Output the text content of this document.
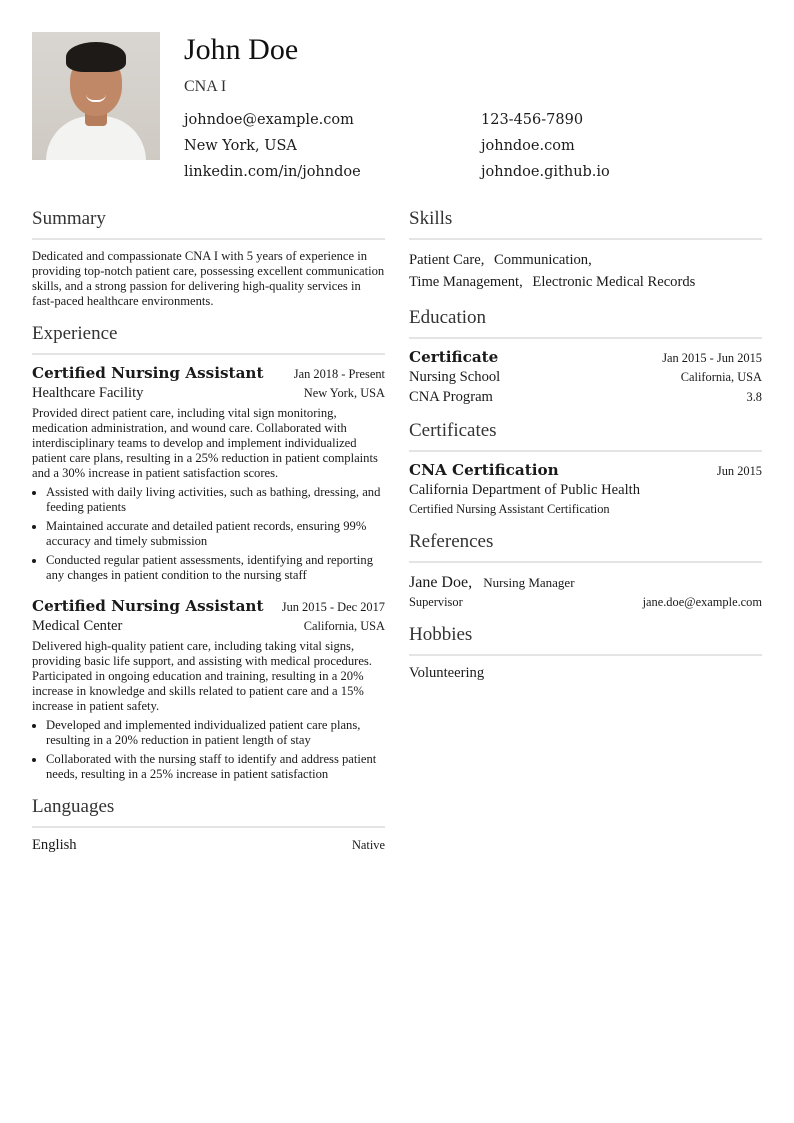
John Doe
CNA I
johndoe@example.com	123-456-7890
New York, USA	johndoe.com
linkedin.com/in/johndoe	johndoe.github.io
Summary
Dedicated and compassionate CNA I with 5 years of experience in providing top-notch patient care, possessing excellent communication skills, and a strong passion for delivering high-quality services in fast-paced healthcare environments.
Experience
Certified Nursing Assistant Jan 2018 - Present
Healthcare Facility	New York, USA
Provided direct patient care, including vital sign monitoring, medication administration, and wound care. Collaborated with interdisciplinary teams to develop and implement individualized patient care plans, resulting in a 25% reduction in patient complaints and a 30% increase in patient satisfaction scores.
• Assisted with daily living activities, such as bathing, dressing, and feeding patients
• Maintained accurate and detailed patient records, ensuring 99% accuracy and timely submission
• Conducted regular patient assessments, identifying and reporting any changes in patient condition to the nursing staff
Certified Nursing Assistant Jun 2015 - Dec 2017
Medical Center	California, USA
Delivered high-quality patient care, including taking vital signs, providing basic life support, and assisting with medical procedures. Participated in ongoing education and training, resulting in a 20% increase in knowledge and skills related to patient care and a 15% increase in patient safety.
• Developed and implemented individualized patient care plans, resulting in a 20% reduction in patient length of stay
• Collaborated with the nursing staff to identify and address patient needs, resulting in a 25% increase in patient satisfaction
Languages
English	Native
Skills
Patient Care, Communication,
Time Management, Electronic Medical Records
Education
Certificate	Jan 2015 - Jun 2015
Nursing School	California, USA
CNA Program	3.8
Certificates
CNA Certification	Jun 2015
California Department of Public Health
Certified Nursing Assistant Certification
References
Jane Doe, Nursing Manager
Supervisor	jane.doe@example.com
Hobbies
Volunteering
